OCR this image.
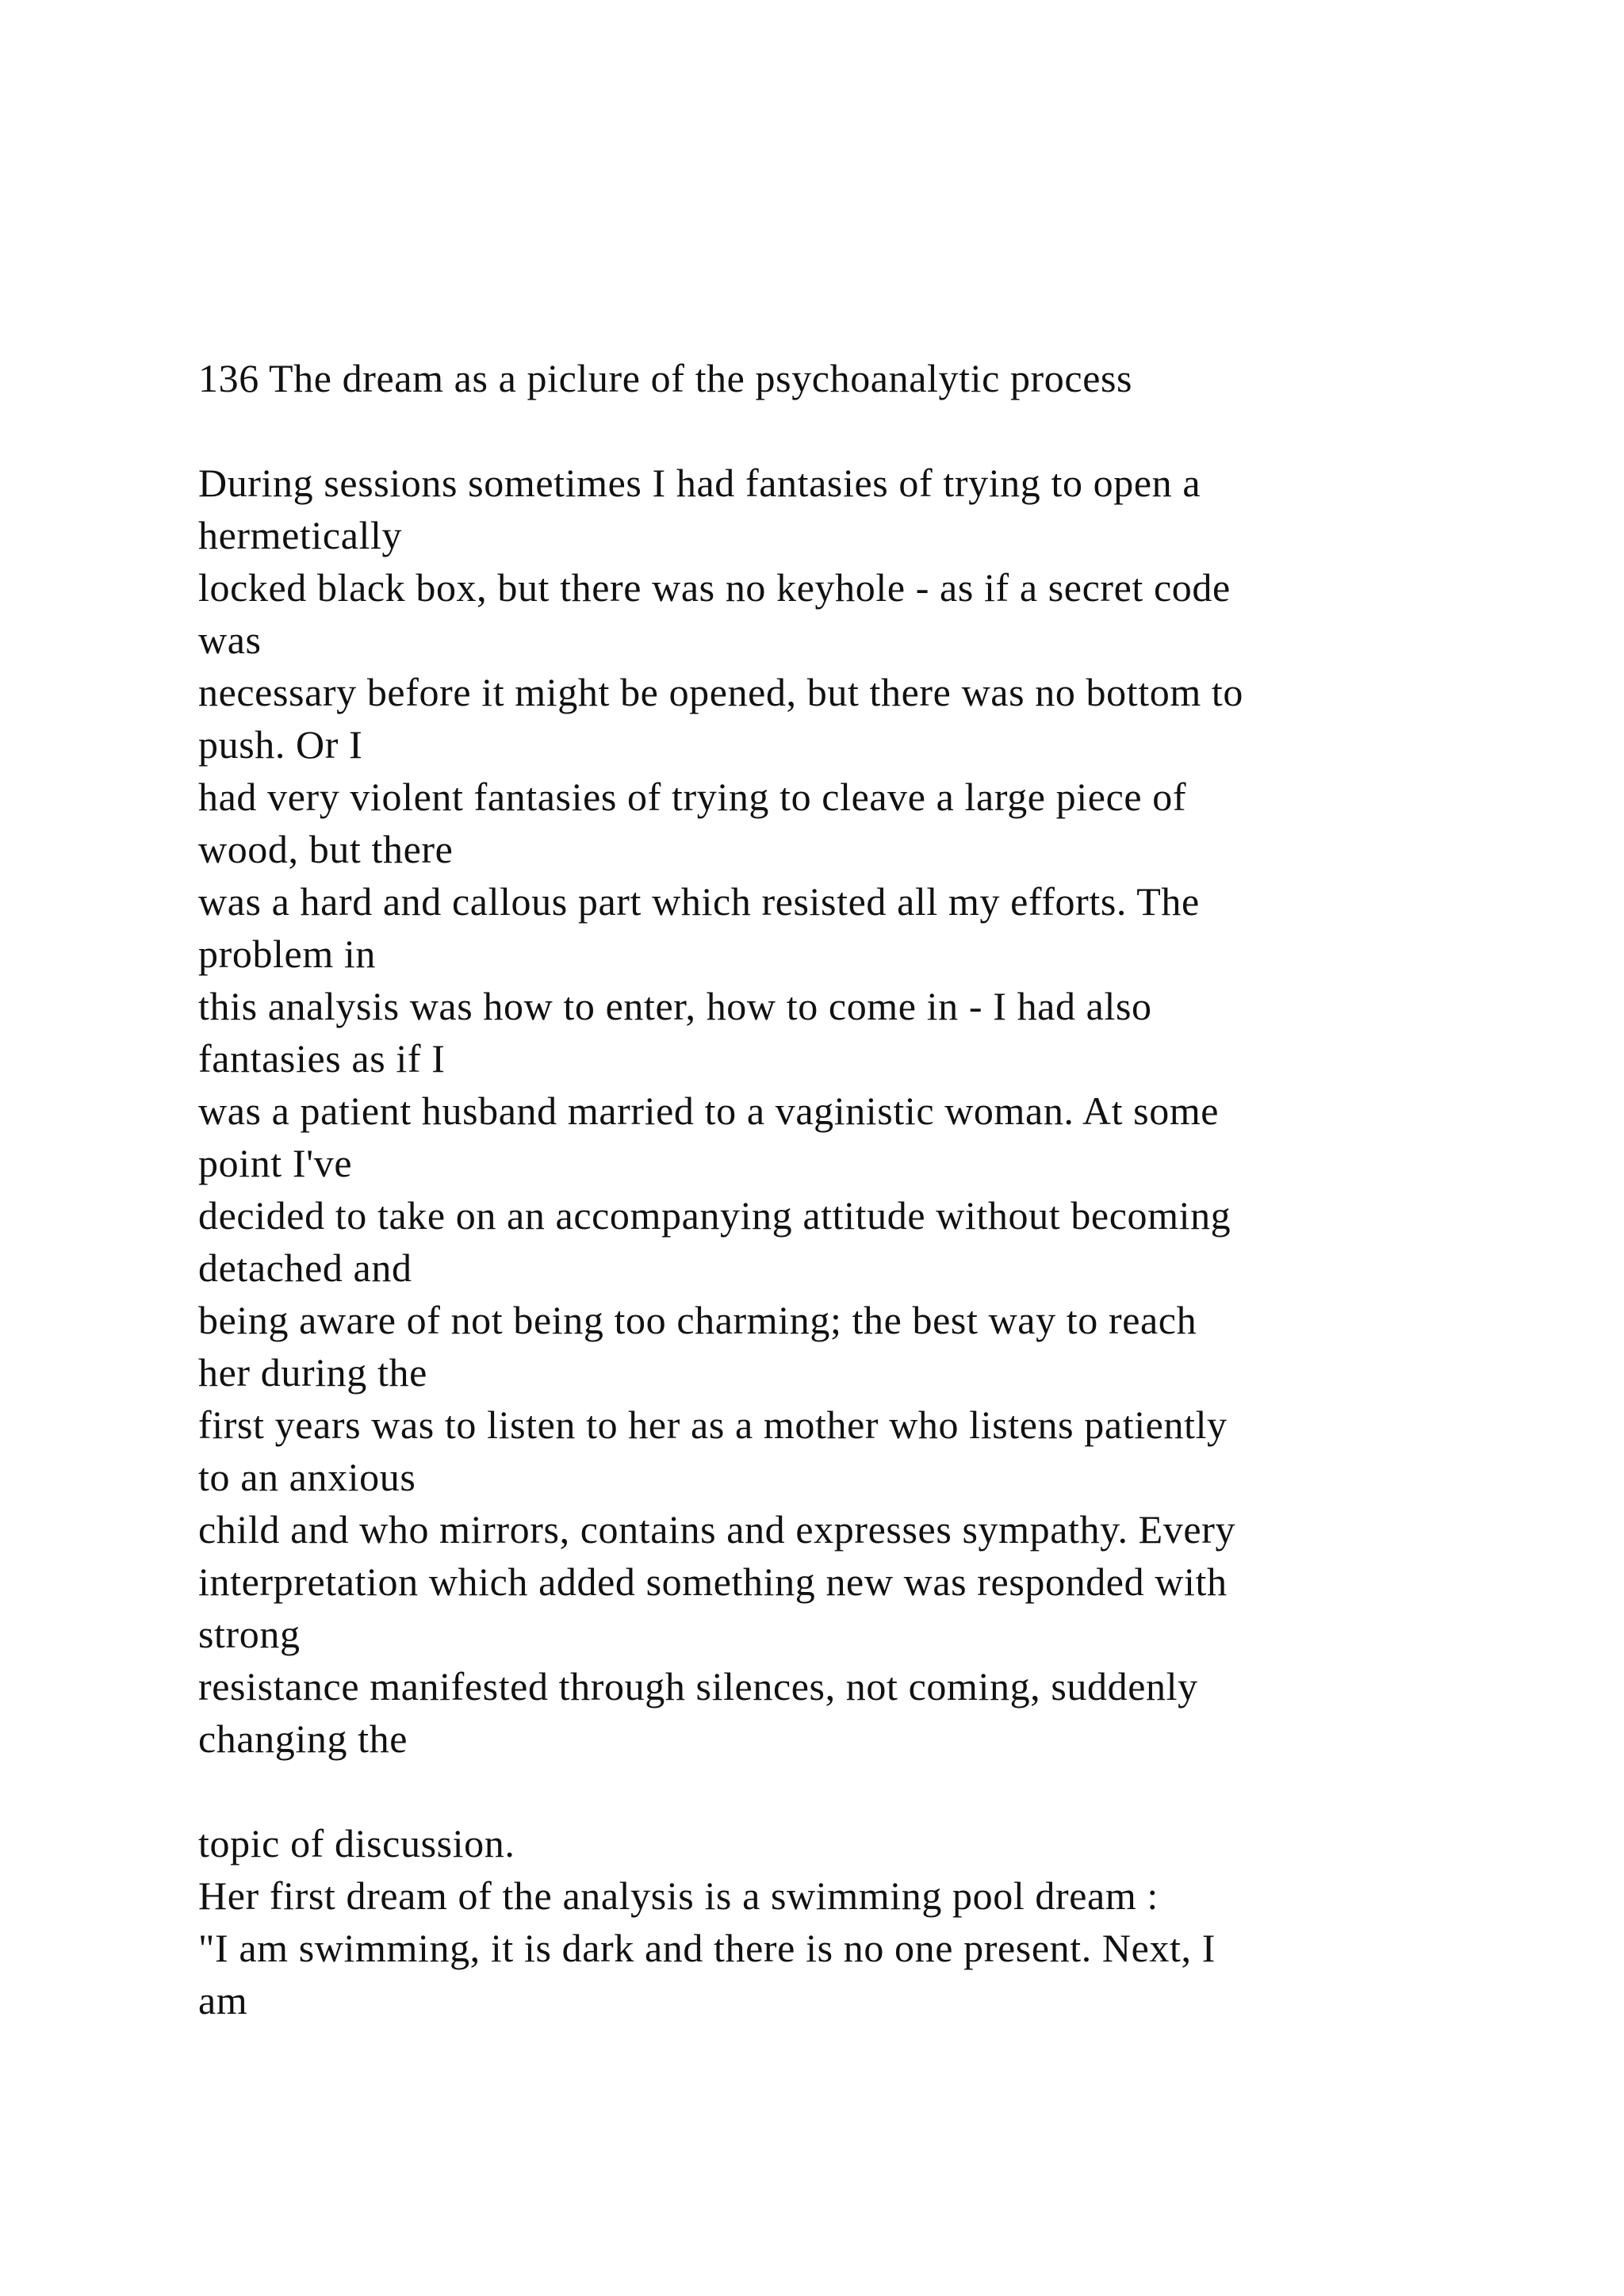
136 The dream as a piclure of the psychoanalytic process
During sessions sometimes I had fantasies of trying to open a
hermetically
locked black box, but there was no keyhole - as if a secret code
was
necessary before it might be opened, but there was no bottom to
push. Or I
had very violent fantasies of trying to cleave a large piece of
wood, but there
was a hard and callous part which resisted all my efforts. The
problem in
this analysis was how to enter, how to come in - I had also
fantasies as if I
was a patient husband married to a vaginistic woman. At some
point I've
decided to take on an accompanying attitude without becoming
detached and
being aware of not being too charming; the best way to reach
her during the
first years was to listen to her as a mother who listens patiently
to an anxious
child and who mirrors, contains and expresses sympathy. Every
interpretation which added something new was responded with
strong
resistance manifested through silences, not coming, suddenly
changing the
topic of discussion.
Her first dream of the analysis is a swimming pool dream :
"I am swimming, it is dark and there is no one present. Next, I
am
